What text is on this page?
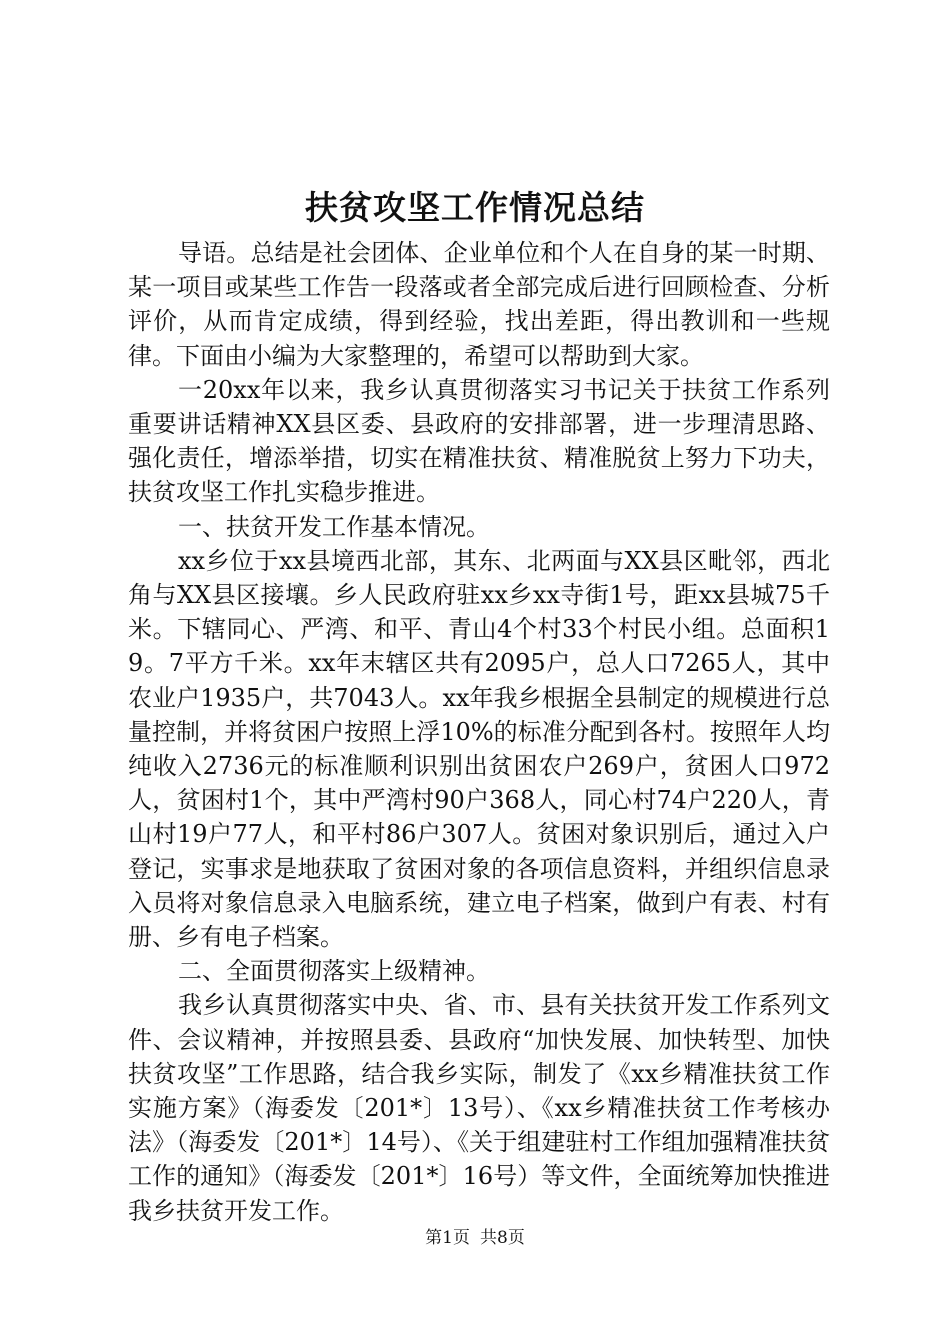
扶贫攻坚工作情况总结

导语。总结是社会团体、企业单位和个人在自身的某一时期、某一项目或某些工作告一段落或者全部完成后进行回顾检查、分析评价，从而肯定成绩，得到经验，找出差距，得出教训和一些规律。下面由小编为大家整理的，希望可以帮助到大家。

一20xx年以来，我乡认真贯彻落实习书记关于扶贫工作系列重要讲话精神XX县区委、县政府的安排部署，进一步理清思路、强化责任，增添举措，切实在精准扶贫、精准脱贫上努力下功夫，扶贫攻坚工作扎实稳步推进。

一、扶贫开发工作基本情况。

xx乡位于xx县境西北部，其东、北两面与XX县区毗邻，西北角与XX县区接壤。乡人民政府驻xx乡xx寺街1号，距xx县城75千米。下辖同心、严湾、和平、青山4个村33个村民小组。总面积19。7平方千米。xx年末辖区共有2095户，总人口7265人，其中农业户1935户，共7043人。xx年我乡根据全县制定的规模进行总量控制，并将贫困户按照上浮10%的标准分配到各村。按照年人均纯收入2736元的标准顺利识别出贫困农户269户，贫困人口972人，贫困村1个，其中严湾村90户368人，同心村74户220人，青山村19户77人，和平村86户307人。贫困对象识别后，通过入户登记，实事求是地获取了贫困对象的各项信息资料，并组织信息录入员将对象信息录入电脑系统，建立电子档案，做到户有表、村有册、乡有电子档案。

二、全面贯彻落实上级精神。

我乡认真贯彻落实中央、省、市、县有关扶贫开发工作系列文件、会议精神，并按照县委、县政府“加快发展、加快转型、加快扶贫攻坚”工作思路，结合我乡实际，制发了《xx乡精准扶贫工作实施方案》（海委发〔201*〕13号）、《xx乡精准扶贫工作考核办法》（海委发〔201*〕14号）、《关于组建驻村工作组加强精准扶贫工作的通知》（海委发〔201*〕16号）等文件，全面统筹加快推进我乡扶贫开发工作。

第1页 共8页
